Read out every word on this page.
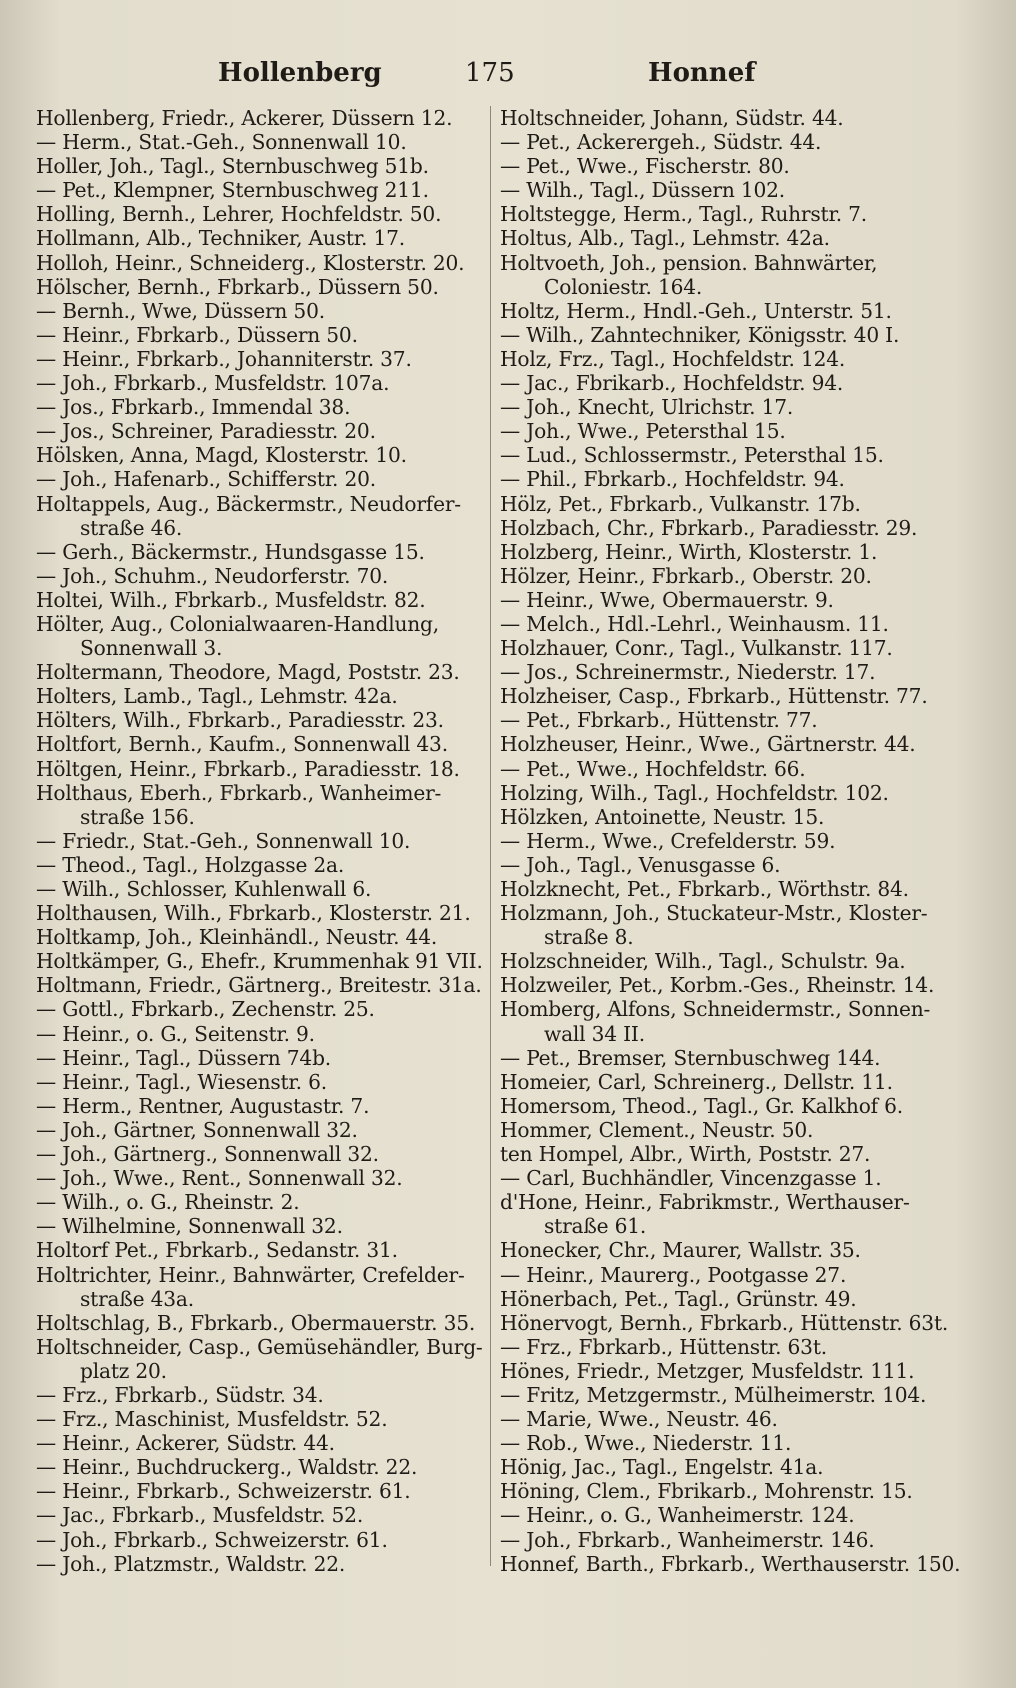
Hollenberg	175	Honnef
Hollenberg, Friedr., Ackerer, Düssern 12.
— Herm., Stat.-Geh., Sonnenwall 10.
Holler, Joh., Tagl., Sternbuschweg 51b.
— Pet., Klempner, Sternbuschweg 211.
Holling, Bernh., Lehrer, Hochfeldstr. 50.
Hollmann, Alb., Techniker, Austr. 17.
Holloh, Heinr., Schneiderg., Klosterstr. 20.
Hölscher, Bernh., Fbrkarb., Düssern 50.
— Bernh., Wwe, Düssern 50.
— Heinr., Fbrkarb., Düssern 50.
— Heinr., Fbrkarb., Johanniterstr. 37.
— Joh., Fbrkarb., Musfeldstr. 107a.
— Jos., Fbrkarb., Immendal 38.
— Jos., Schreiner, Paradiesstr. 20.
Hölsken, Anna, Magd, Klosterstr. 10.
— Joh., Hafenarb., Schifferstr. 20.
Holtappels, Aug., Bäckermstr., Neudorfer-
straße 46.
— Gerh., Bäckermstr., Hundsgasse 15.
— Joh., Schuhm., Neudorferstr. 70.
Holtei, Wilh., Fbrkarb., Musfeldstr. 82.
Hölter, Aug., Colonialwaaren-Handlung,
Sonnenwall 3.
Holtermann, Theodore, Magd, Poststr. 23.
Holters, Lamb., Tagl., Lehmstr. 42a.
Hölters, Wilh., Fbrkarb., Paradiesstr. 23.
Holtfort, Bernh., Kaufm., Sonnenwall 43.
Höltgen, Heinr., Fbrkarb., Paradiesstr. 18.
Holthaus, Eberh., Fbrkarb., Wanheimer-
straße 156.
— Friedr., Stat.-Geh., Sonnenwall 10.
— Theod., Tagl., Holzgasse 2a.
— Wilh., Schlosser, Kuhlenwall 6.
Holthausen, Wilh., Fbrkarb., Klosterstr. 21.
Holtkamp, Joh., Kleinhändl., Neustr. 44.
Holtkämper, G., Ehefr., Krummenhak 91 VII.
Holtmann, Friedr., Gärtnerg., Breitestr. 31a.
— Gottl., Fbrkarb., Zechenstr. 25.
— Heinr., o. G., Seitenstr. 9.
— Heinr., Tagl., Düssern 74b.
— Heinr., Tagl., Wiesenstr. 6.
— Herm., Rentner, Augustastr. 7.
— Joh., Gärtner, Sonnenwall 32.
— Joh., Gärtnerg., Sonnenwall 32.
— Joh., Wwe., Rent., Sonnenwall 32.
— Wilh., o. G., Rheinstr. 2.
— Wilhelmine, Sonnenwall 32.
Holtorf Pet., Fbrkarb., Sedanstr. 31.
Holtrichter, Heinr., Bahnwärter, Crefelder-
straße 43a.
Holtschlag, B., Fbrkarb., Obermauerstr. 35.
Holtschneider, Casp., Gemüsehändler, Burg-
platz 20.
— Frz., Fbrkarb., Südstr. 34.
— Frz., Maschinist, Musfeldstr. 52.
— Heinr., Ackerer, Südstr. 44.
— Heinr., Buchdruckerg., Waldstr. 22.
— Heinr., Fbrkarb., Schweizerstr. 61.
— Jac., Fbrkarb., Musfeldstr. 52.
— Joh., Fbrkarb., Schweizerstr. 61.
— Joh., Platzmstr., Waldstr. 22.
Holtschneider, Johann, Südstr. 44.
— Pet., Ackerergeh., Südstr. 44.
— Pet., Wwe., Fischerstr. 80.
— Wilh., Tagl., Düssern 102.
Holtstegge, Herm., Tagl., Ruhrstr. 7.
Holtus, Alb., Tagl., Lehmstr. 42a.
Holtvoeth, Joh., pension. Bahnwärter,
Coloniestr. 164.
Holtz, Herm., Hndl.-Geh., Unterstr. 51.
— Wilh., Zahntechniker, Königsstr. 40 I.
Holz, Frz., Tagl., Hochfeldstr. 124.
— Jac., Fbrikarb., Hochfeldstr. 94.
— Joh., Knecht, Ulrichstr. 17.
— Joh., Wwe., Petersthal 15.
— Lud., Schlossermstr., Petersthal 15.
— Phil., Fbrkarb., Hochfeldstr. 94.
Hölz, Pet., Fbrkarb., Vulkanstr. 17b.
Holzbach, Chr., Fbrkarb., Paradiesstr. 29.
Holzberg, Heinr., Wirth, Klosterstr. 1.
Hölzer, Heinr., Fbrkarb., Oberstr. 20.
— Heinr., Wwe, Obermauerstr. 9.
— Melch., Hdl.-Lehrl., Weinhausm. 11.
Holzhauer, Conr., Tagl., Vulkanstr. 117.
— Jos., Schreinermstr., Niederstr. 17.
Holzheiser, Casp., Fbrkarb., Hüttenstr. 77.
— Pet., Fbrkarb., Hüttenstr. 77.
Holzheuser, Heinr., Wwe., Gärtnerstr. 44.
— Pet., Wwe., Hochfeldstr. 66.
Holzing, Wilh., Tagl., Hochfeldstr. 102.
Hölzken, Antoinette, Neustr. 15.
— Herm., Wwe., Crefelderstr. 59.
— Joh., Tagl., Venusgasse 6.
Holzknecht, Pet., Fbrkarb., Wörthstr. 84.
Holzmann, Joh., Stuckateur-Mstr., Kloster-
straße 8.
Holzschneider, Wilh., Tagl., Schulstr. 9a.
Holzweiler, Pet., Korbm.-Ges., Rheinstr. 14.
Homberg, Alfons, Schneidermstr., Sonnen-
wall 34 II.
— Pet., Bremser, Sternbuschweg 144.
Homeier, Carl, Schreinerg., Dellstr. 11.
Homersom, Theod., Tagl., Gr. Kalkhof 6.
Hommer, Clement., Neustr. 50.
ten Hompel, Albr., Wirth, Poststr. 27.
— Carl, Buchhändler, Vincenzgasse 1.
d'Hone, Heinr., Fabrikmstr., Werthauser-
straße 61.
Honecker, Chr., Maurer, Wallstr. 35.
— Heinr., Maurerg., Pootgasse 27.
Hönerbach, Pet., Tagl., Grünstr. 49.
Hönervogt, Bernh., Fbrkarb., Hüttenstr. 63t.
— Frz., Fbrkarb., Hüttenstr. 63t.
Hönes, Friedr., Metzger, Musfeldstr. 111.
— Fritz, Metzgermstr., Mülheimerstr. 104.
— Marie, Wwe., Neustr. 46.
— Rob., Wwe., Niederstr. 11.
Hönig, Jac., Tagl., Engelstr. 41a.
Höning, Clem., Fbrikarb., Mohrenstr. 15.
— Heinr., o. G., Wanheimerstr. 124.
— Joh., Fbrkarb., Wanheimerstr. 146.
Honnef, Barth., Fbrkarb., Werthauserstr. 150.
